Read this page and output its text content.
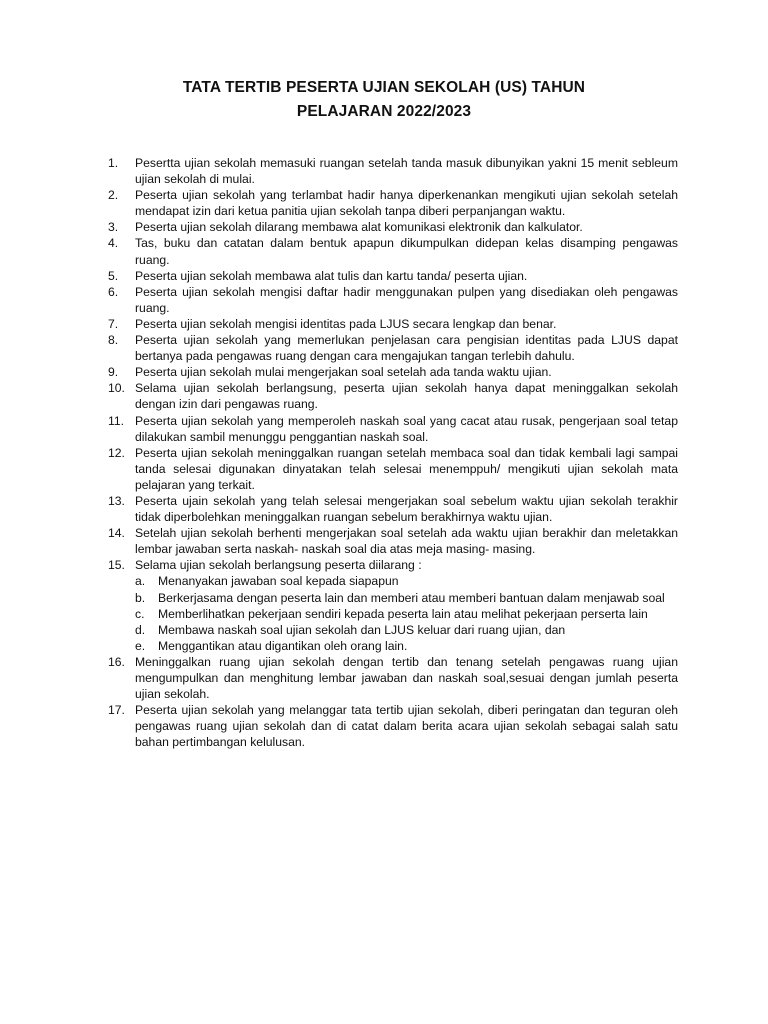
TATA TERTIB PESERTA UJIAN SEKOLAH (US) TAHUN
PELAJARAN 2022/2023
1.	Pesertta ujian sekolah memasuki ruangan setelah tanda masuk dibunyikan yakni 15 menit sebleum ujian sekolah di mulai.
2.	Peserta ujian sekolah yang terlambat hadir hanya diperkenankan mengikuti ujian sekolah setelah mendapat izin dari ketua panitia ujian sekolah tanpa diberi perpanjangan waktu.
3.	Peserta ujian sekolah dilarang membawa alat komunikasi elektronik dan kalkulator.
4.	Tas, buku dan catatan dalam bentuk apapun dikumpulkan didepan kelas disamping pengawas ruang.
5.	Peserta ujian sekolah membawa alat tulis dan kartu tanda/ peserta ujian.
6.	Peserta ujian sekolah mengisi daftar hadir menggunakan pulpen yang disediakan oleh pengawas ruang.
7.	Peserta ujian sekolah mengisi identitas pada LJUS secara lengkap dan benar.
8.	Peserta ujian sekolah yang memerlukan penjelasan cara pengisian identitas pada LJUS dapat bertanya pada pengawas ruang dengan cara mengajukan tangan terlebih dahulu.
9.	Peserta ujian sekolah mulai mengerjakan soal setelah ada tanda waktu ujian.
10. Selama ujian sekolah berlangsung, peserta ujian sekolah hanya dapat meninggalkan sekolah dengan izin dari pengawas ruang.
11. Peserta ujian sekolah yang memperoleh naskah soal yang cacat atau rusak, pengerjaan soal tetap dilakukan sambil menunggu penggantian naskah soal.
12. Peserta ujian sekolah meninggalkan ruangan setelah membaca soal dan tidak kembali lagi sampai tanda selesai digunakan dinyatakan telah selesai menemppuh/ mengikuti ujian sekolah mata pelajaran yang terkait.
13. Peserta ujain sekolah yang telah selesai mengerjakan soal sebelum waktu ujian sekolah terakhir tidak diperbolehkan meninggalkan ruangan sebelum berakhirnya waktu ujian.
14. Setelah ujian sekolah berhenti mengerjakan soal setelah ada waktu ujian berakhir dan meletakkan lembar jawaban serta naskah- naskah soal dia atas meja masing- masing.
15. Selama ujian sekolah berlangsung peserta diilarang :
a. Menanyakan jawaban soal kepada siapapun
b. Berkerjasama dengan peserta lain dan memberi atau memberi bantuan dalam menjawab soal
c. Memberlihatkan pekerjaan sendiri kepada peserta lain atau melihat pekerjaan perserta lain
d. Membawa naskah soal ujian sekolah dan LJUS keluar dari ruang ujian, dan
e. Menggantikan atau digantikan oleh orang lain.
16. Meninggalkan ruang ujian sekolah dengan tertib dan tenang setelah pengawas ruang ujian mengumpulkan dan menghitung lembar jawaban dan naskah soal,sesuai dengan jumlah peserta ujian sekolah.
17. Peserta ujian sekolah yang melanggar tata tertib ujian sekolah, diberi peringatan dan teguran oleh pengawas ruang ujian sekolah dan di catat dalam berita acara ujian sekolah sebagai salah satu bahan pertimbangan kelulusan.
